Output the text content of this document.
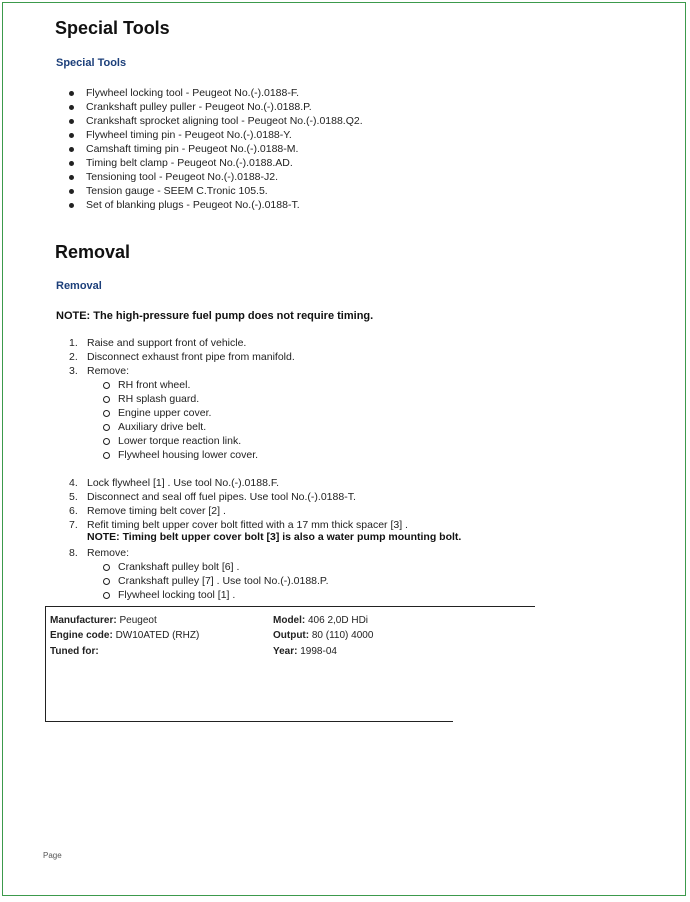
Special Tools
Special Tools
Flywheel locking tool - Peugeot No.(-).0188-F.
Crankshaft pulley puller - Peugeot No.(-).0188.P.
Crankshaft sprocket aligning tool - Peugeot No.(-).0188.Q2.
Flywheel timing pin - Peugeot No.(-).0188-Y.
Camshaft timing pin - Peugeot No.(-).0188-M.
Timing belt clamp - Peugeot No.(-).0188.AD.
Tensioning tool - Peugeot No.(-).0188-J2.
Tension gauge - SEEM C.Tronic 105.5.
Set of blanking plugs - Peugeot No.(-).0188-T.
Removal
Removal
NOTE: The high-pressure fuel pump does not require timing.
1. Raise and support front of vehicle.
2. Disconnect exhaust front pipe from manifold.
3. Remove:
RH front wheel.
RH splash guard.
Engine upper cover.
Auxiliary drive belt.
Lower torque reaction link.
Flywheel housing lower cover.
4. Lock flywheel [1] . Use tool No.(-).0188.F.
5. Disconnect and seal off fuel pipes. Use tool No.(-).0188-T.
6. Remove timing belt cover [2] .
7. Refit timing belt upper cover bolt fitted with a 17 mm thick spacer [3] .
NOTE: Timing belt upper cover bolt [3] is also a water pump mounting bolt.
8. Remove:
Crankshaft pulley bolt [6] .
Crankshaft pulley [7] . Use tool No.(-).0188.P.
Flywheel locking tool [1] .
Manufacturer: Peugeot
Engine code: DW10ATED (RHZ)
Tuned for:
Model: 406 2,0D HDi
Output: 80 (110) 4000
Year: 1998-04
Page
